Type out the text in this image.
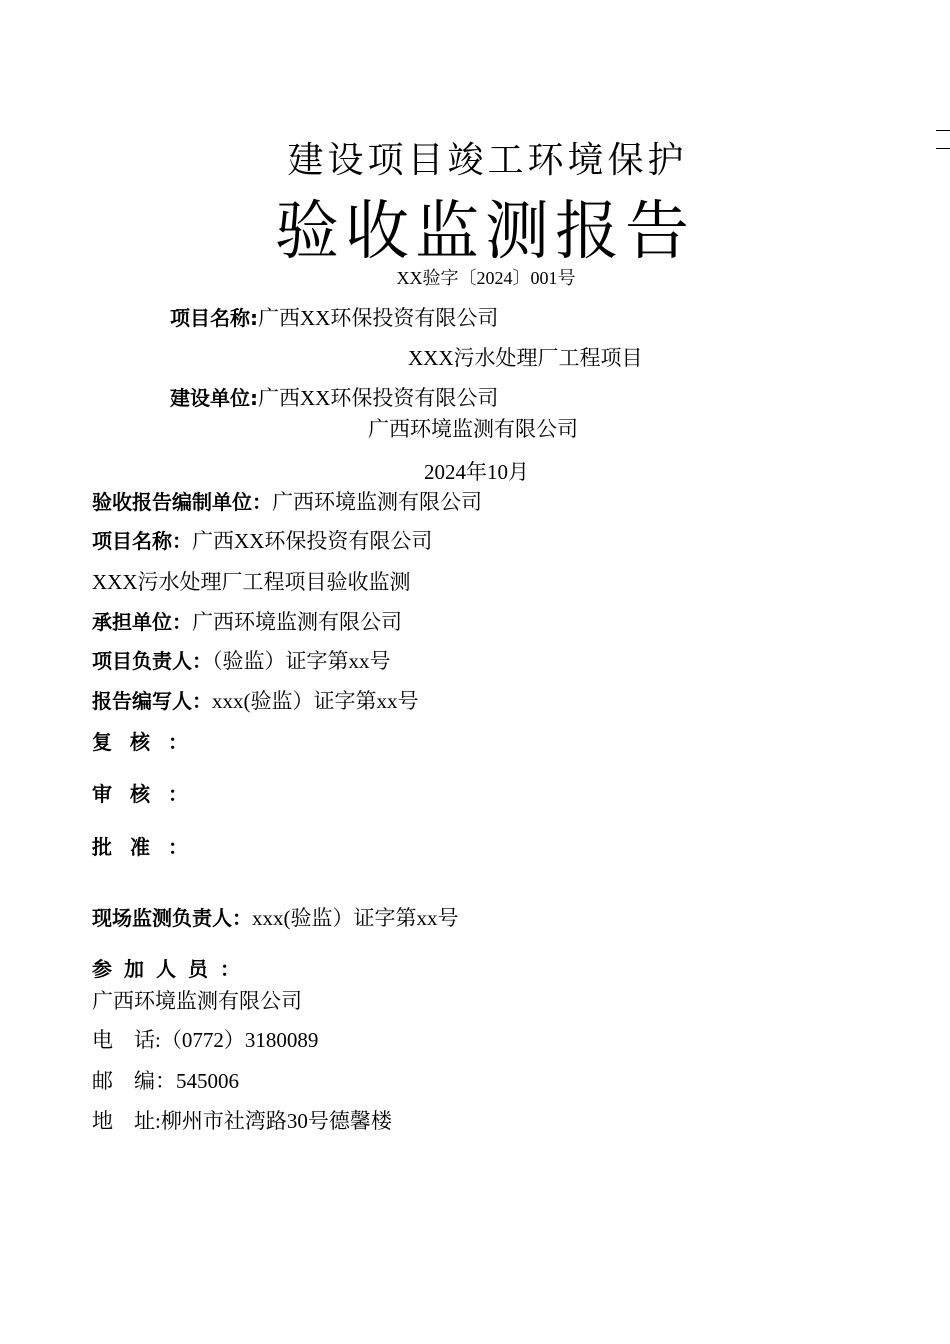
建设项目竣工环境保护
验收监测报告
XX验字〔2024〕001号
项目名称:广西XX环保投资有限公司
XXX污水处理厂工程项目
建设单位:广西XX环保投资有限公司
广西环境监测有限公司
2024年10月
验收报告编制单位：广西环境监测有限公司
项目名称：广西XX环保投资有限公司
XXX污水处理厂工程项目验收监测
承担单位：广西环境监测有限公司
项目负责人：（验监）证字第xx号
报告编写人：xxx(验监）证字第xx号
复核：
审核：
批准：
现场监测负责人：xxx(验监）证字第xx号
参加人员：
广西环境监测有限公司
电　话:（0772）3180089
邮　编：545006
地　址:柳州市社湾路30号德馨楼
